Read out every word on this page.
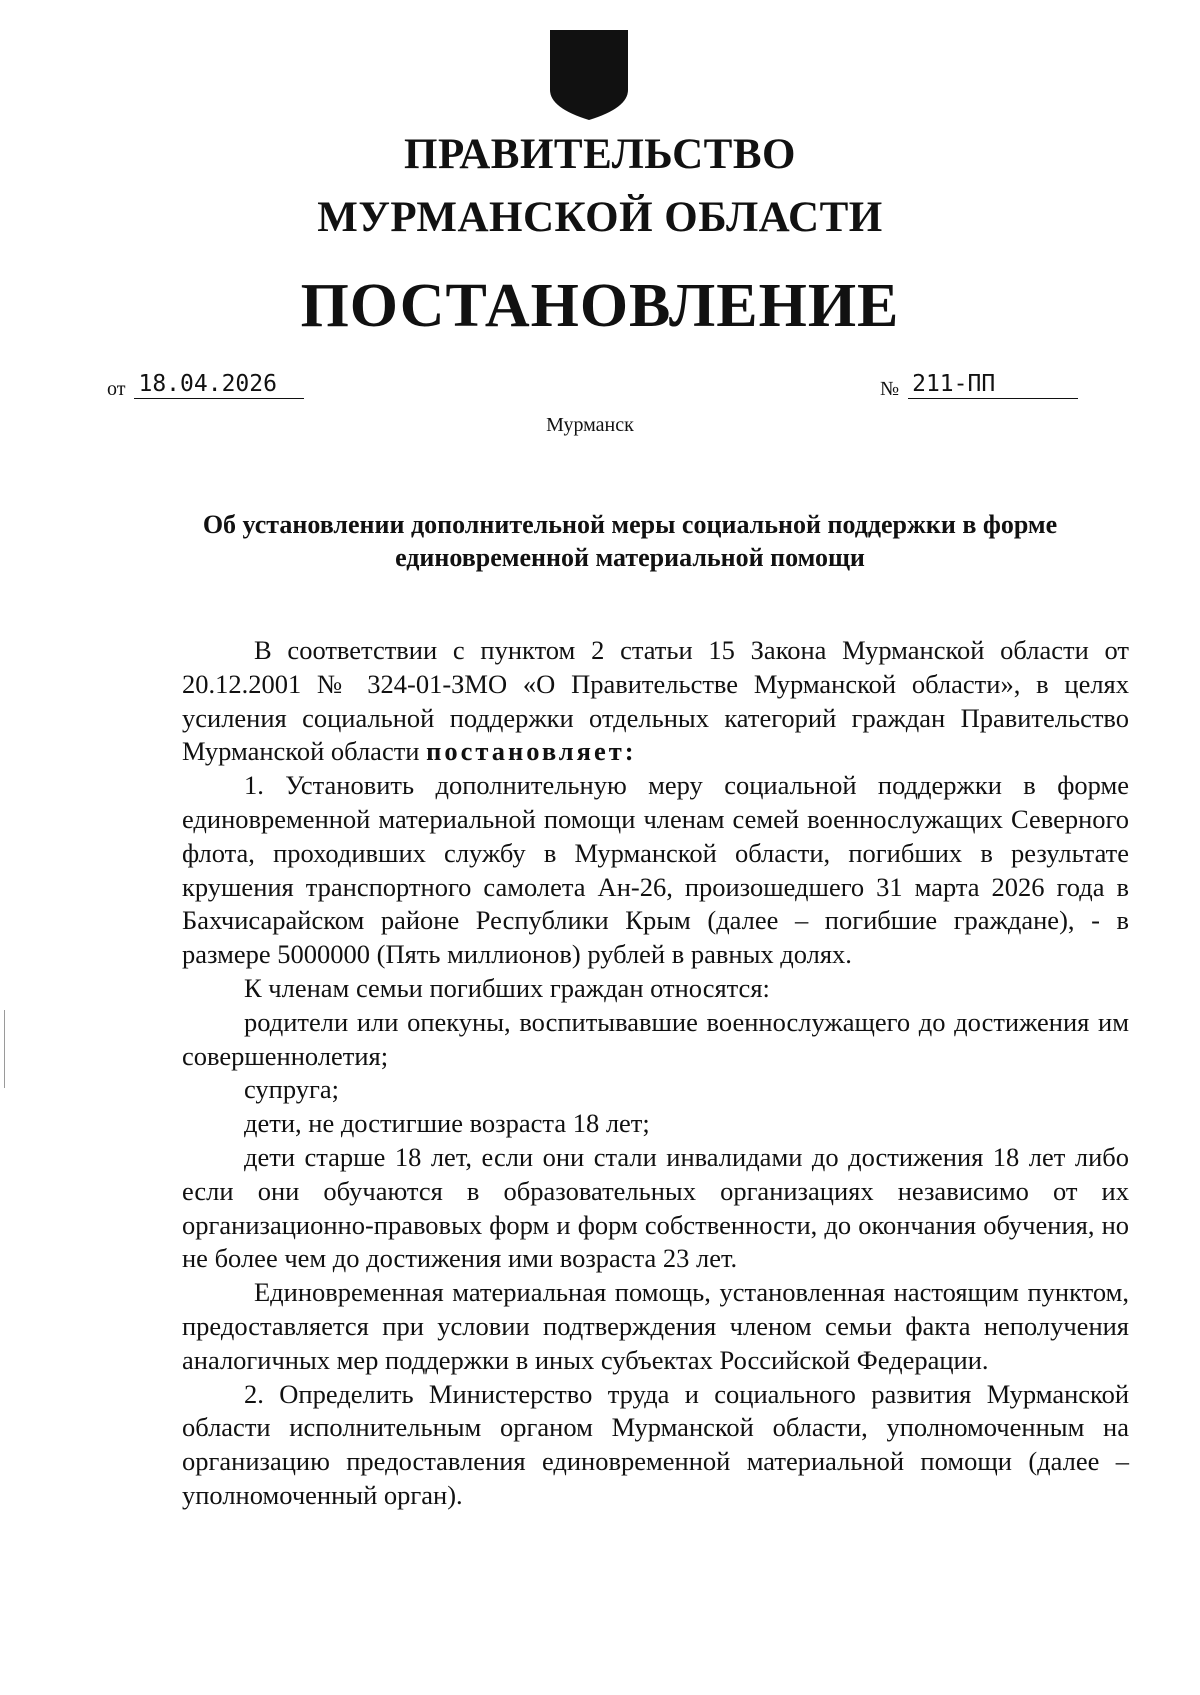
ПРАВИТЕЛЬСТВО
МУРМАНСКОЙ ОБЛАСТИ
ПОСТАНОВЛЕНИЕ
от 18.04.2026	№ 211-ПП
Мурманск
Об установлении дополнительной меры социальной поддержки в форме единовременной материальной помощи

В соответствии с пунктом 2 статьи 15 Закона Мурманской области от 20.12.2001 № 324-01-ЗМО «О Правительстве Мурманской области», в целях усиления социальной поддержки отдельных категорий граждан Правительство Мурманской области постановляет:

1. Установить дополнительную меру социальной поддержки в форме единовременной материальной помощи членам семей военнослужащих Северного флота, проходивших службу в Мурманской области, погибших в результате крушения транспортного самолета Ан-26, произошедшего 31 марта 2026 года в Бахчисарайском районе Республики Крым (далее – погибшие граждане), - в размере 5000000 (Пять миллионов) рублей в равных долях.

К членам семьи погибших граждан относятся:

родители или опекуны, воспитывавшие военнослужащего до достижения им совершеннолетия;

супруга;

дети, не достигшие возраста 18 лет;

дети старше 18 лет, если они стали инвалидами до достижения 18 лет либо если они обучаются в образовательных организациях независимо от их организационно-правовых форм и форм собственности, до окончания обучения, но не более чем до достижения ими возраста 23 лет.

Единовременная материальная помощь, установленная настоящим пунктом, предоставляется при условии подтверждения членом семьи факта неполучения аналогичных мер поддержки в иных субъектах Российской Федерации.

2. Определить Министерство труда и социального развития Мурманской области исполнительным органом Мурманской области, уполномоченным на организацию предоставления единовременной материальной помощи (далее – уполномоченный орган).
